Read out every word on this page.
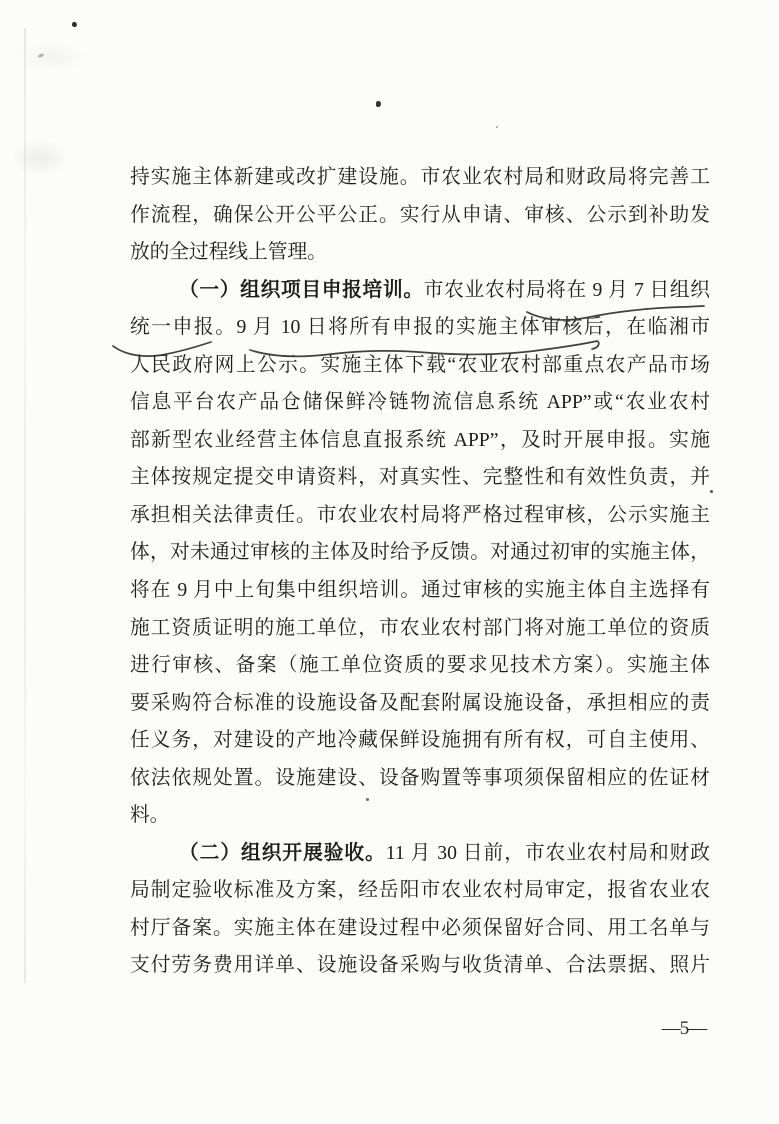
持实施主体新建或改扩建设施。市农业农村局和财政局将完善工
作流程，确保公开公平公正。实行从申请、审核、公示到补助发
放的全过程线上管理。
（一）组织项目申报培训。市农业农村局将在 9 月 7 日组织
统一申报。9 月 10 日将所有申报的实施主体审核后，在临湘市
人民政府网上公示。实施主体下载“农业农村部重点农产品市场
信息平台农产品仓储保鲜冷链物流信息系统 APP”或“农业农村
部新型农业经营主体信息直报系统 APP”，及时开展申报。实施
主体按规定提交申请资料，对真实性、完整性和有效性负责，并
承担相关法律责任。市农业农村局将严格过程审核，公示实施主
体，对未通过审核的主体及时给予反馈。对通过初审的实施主体，
将在 9 月中上旬集中组织培训。通过审核的实施主体自主选择有
施工资质证明的施工单位，市农业农村部门将对施工单位的资质
进行审核、备案（施工单位资质的要求见技术方案）。实施主体
要采购符合标准的设施设备及配套附属设施设备，承担相应的责
任义务，对建设的产地冷藏保鲜设施拥有所有权，可自主使用、
依法依规处置。设施建设、设备购置等事项须保留相应的佐证材
料。
（二）组织开展验收。11 月 30 日前，市农业农村局和财政
局制定验收标准及方案，经岳阳市农业农村局审定，报省农业农
村厅备案。实施主体在建设过程中必须保留好合同、用工名单与
支付劳务费用详单、设施设备采购与收货清单、合法票据、照片
—5—
